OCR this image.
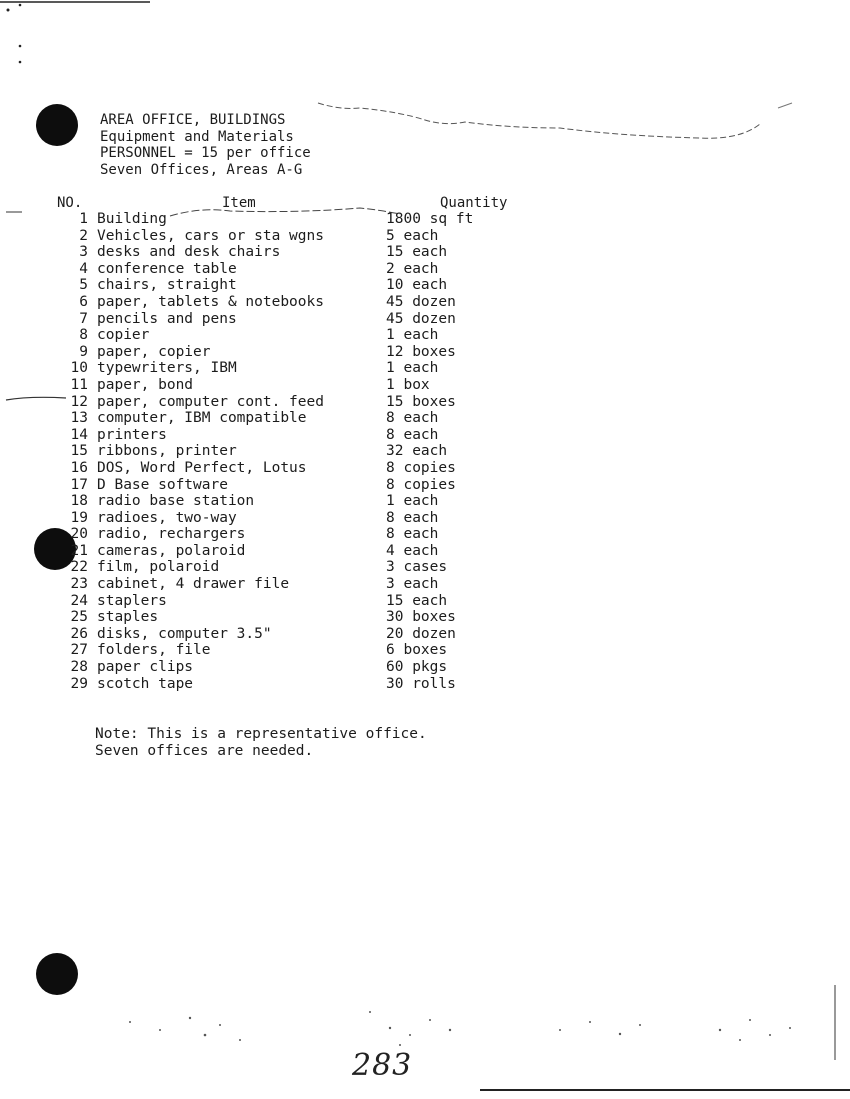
AREA OFFICE, BUILDINGS
Equipment and Materials
PERSONNEL = 15 per office
Seven Offices, Areas A-G
NO.	Item	Quantity
1 Building	1800 sq ft
2 Vehicles, cars or sta wgns	5 each
3 desks and desk chairs	15 each
4 conference table	2 each
5 chairs, straight	10 each
6 paper, tablets & notebooks	45 dozen
7 pencils and pens	45 dozen
8 copier	1 each
9 paper, copier	12 boxes
10 typewriters, IBM	1 each
11 paper, bond	1 box
12 paper, computer cont. feed	15 boxes
13 computer, IBM compatible	8 each
14 printers	8 each
15 ribbons, printer	32 each
16 DOS, Word Perfect, Lotus	8 copies
17 D Base software	8 copies
18 radio base station	1 each
19 radioes, two-way	8 each
20 radio, rechargers	8 each
21 cameras, polaroid	4 each
22 film, polaroid	3 cases
23 cabinet, 4 drawer file	3 each
24 staplers	15 each
25 staples	30 boxes
26 disks, computer 3.5"	20 dozen
27 folders, file	6 boxes
28 paper clips	60 pkgs
29 scotch tape	30 rolls
Note: This is a representative office.
Seven offices are needed.
283
